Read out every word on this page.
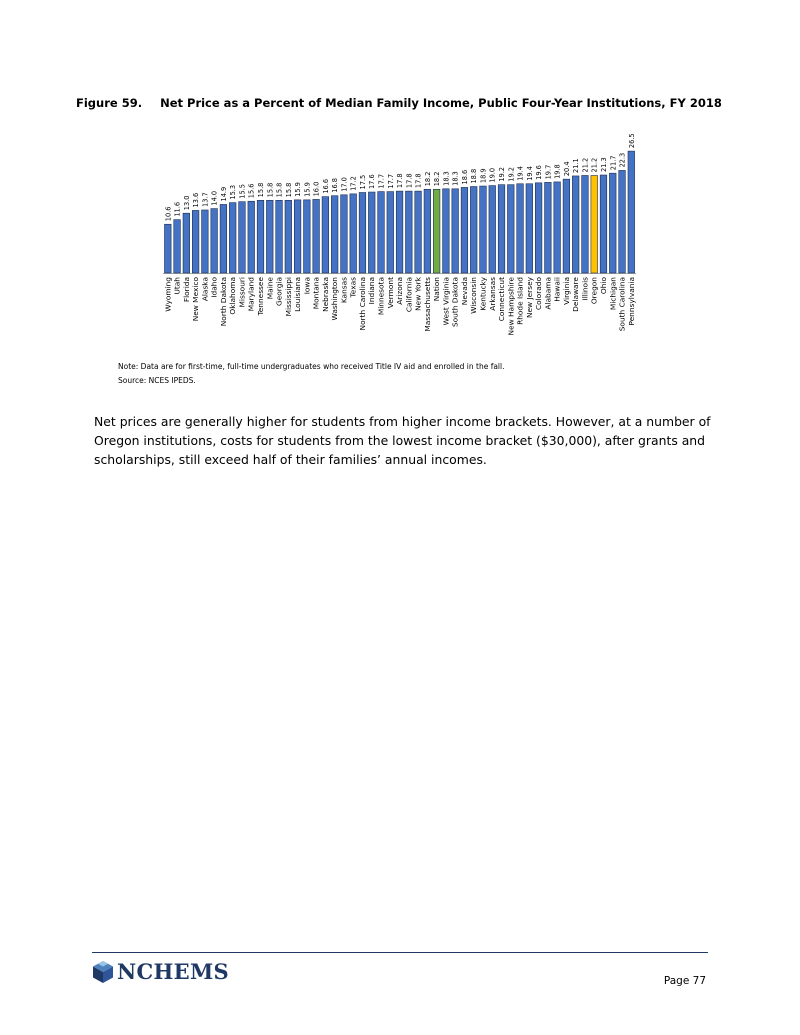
Figure 59. Net Price as a Percent of Median Family Income, Public Four-Year Institutions, FY 2018
10.6
Wyoming
11.6
Utah
13.0
Florida
13.6
New Mexico
13.7
Alaska
14.0
Idaho
14.9
North Dakota
15.3
Oklahoma
15.5
Missouri
15.6
Maryland
15.8
Tennessee
15.8
Maine
15.8
Georgia
15.8
Mississippi
15.9
Louisiana
15.9
Iowa
16.0
Montana
16.6
Nebraska
16.8
Washington
17.0
Kansas
17.2
Texas
17.5
North Carolina
17.6
Indiana
17.7
Minnesota
17.7
Vermont
17.8
Arizona
17.8
California
17.8
New York
18.2
Massachusetts
18.2
Nation
18.3
West Virginia
18.3
South Dakota
18.6
Nevada
18.8
Wisconsin
18.9
Kentucky
19.0
Arkansas
19.2
Connecticut
19.2
New Hampshire
19.4
Rhode Island
19.4
New Jersey
19.6
Colorado
19.7
Alabama
19.8
Hawaii
20.4
Virginia
21.1
Delaware
21.2
Illinois
21.2
Oregon
21.3
Ohio
21.7
Michigan
22.3
South Carolina
26.5
Pennsylvania
Note: Data are for first-time, full-time undergraduates who received Title IV aid and enrolled in the fall.
Source: NCES IPEDS.
Net prices are generally higher for students from higher income brackets. However, at a number of Oregon institutions, costs for students from the lowest income bracket ($30,000), after grants and scholarships, still exceed half of their families’ annual incomes.
NCHEMS	Page 77
